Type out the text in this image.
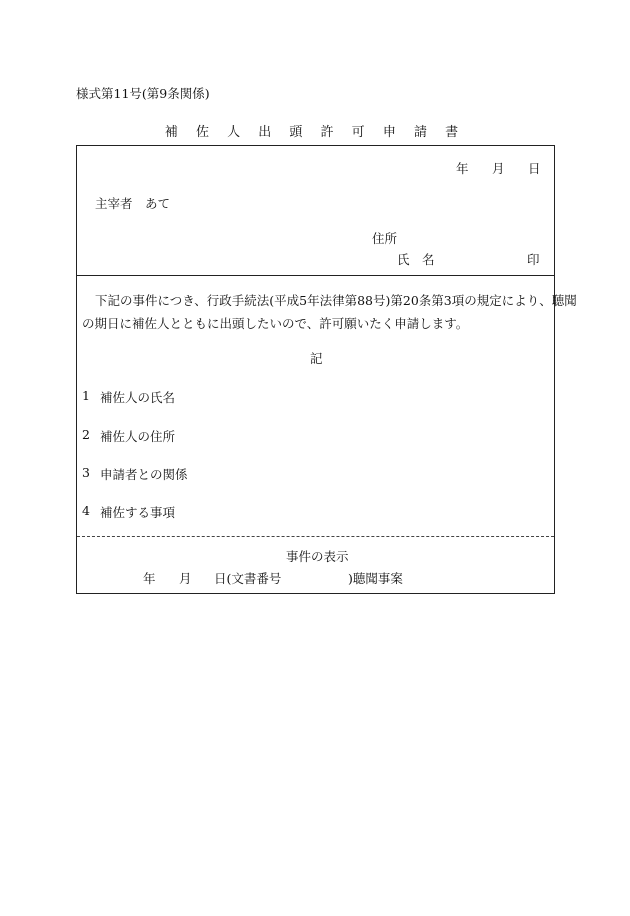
様式第11号(第9条関係)
補 佐 人 出 頭 許 可 申 請 書
年 月 日
主宰者　あて
住所
氏　名	印
下記の事件につき、行政手続法(平成5年法律第88号)第20条第3項の規定により、聴聞
の期日に補佐人とともに出頭したいので、許可願いたく申請します。
記
1 補佐人の氏名
2 補佐人の住所
3 申請者との関係
4 補佐する事項
事件の表示
年 月 日(文書番号	)聴聞事案
